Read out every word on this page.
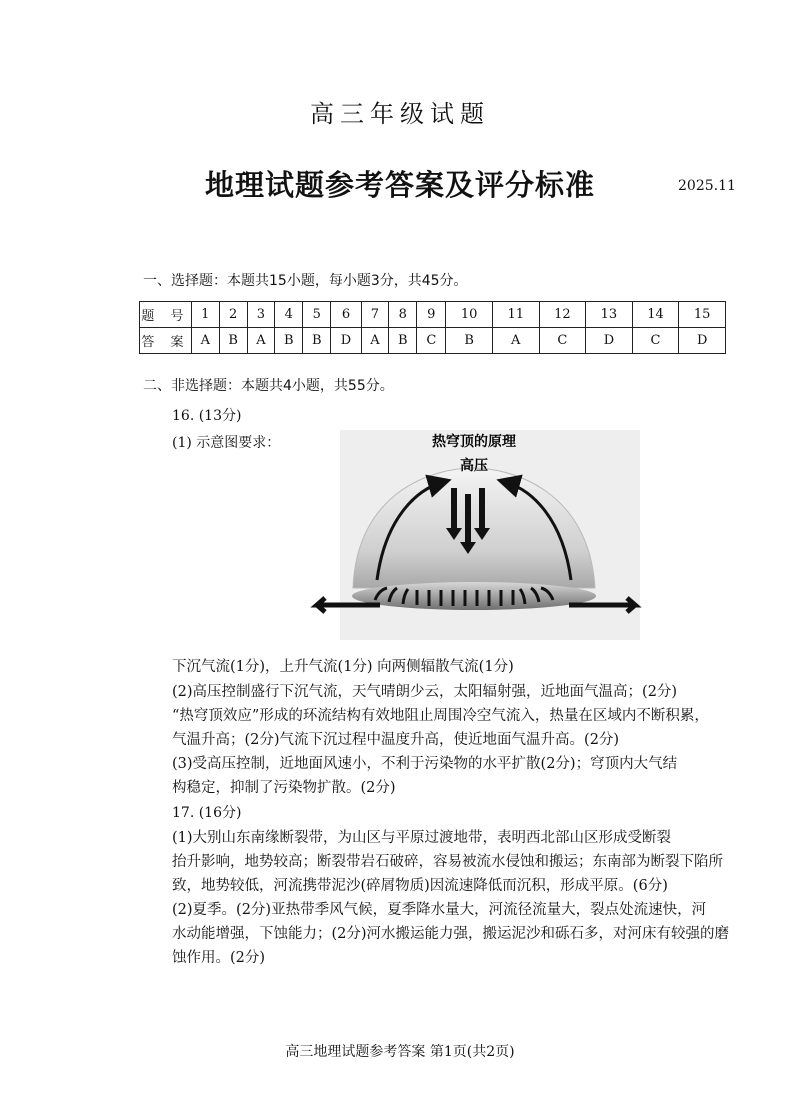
高三年级试题
地理试题参考答案及评分标准	2025.11
一、选择题：本题共15小题，每小题3分，共45分。
题 号	1	2	3	4	5	6	7	8	9	10	11	12	13	14	15
答 案	A	B	A	B	B	D	A	B	C	B	A	C	D	C	D
二、非选择题：本题共4小题，共55分。
16. (13分)
(1) 示意图要求：	热穹顶的原理
高压
下沉气流(1分)，上升气流(1分) 向两侧辐散气流(1分)
(2)高压控制盛行下沉气流，天气晴朗少云，太阳辐射强，近地面气温高；(2分)
“热穹顶效应”形成的环流结构有效地阻止周围冷空气流入，热量在区域内不断积累，
气温升高；(2分)气流下沉过程中温度升高，使近地面气温升高。(2分)
(3)受高压控制，近地面风速小，不利于污染物的水平扩散(2分)；穹顶内大气结
构稳定，抑制了污染物扩散。(2分)
17. (16分)
(1)大别山东南缘断裂带，为山区与平原过渡地带，表明西北部山区形成受断裂
抬升影响，地势较高；断裂带岩石破碎，容易被流水侵蚀和搬运；东南部为断裂下陷所
致，地势较低，河流携带泥沙(碎屑物质)因流速降低而沉积，形成平原。(6分)
(2)夏季。(2分)亚热带季风气候，夏季降水量大，河流径流量大，裂点处流速快，河
水动能增强，下蚀能力；(2分)河水搬运能力强，搬运泥沙和砾石多，对河床有较强的磨
蚀作用。(2分)
高三地理试题参考答案 第1页(共2页)
